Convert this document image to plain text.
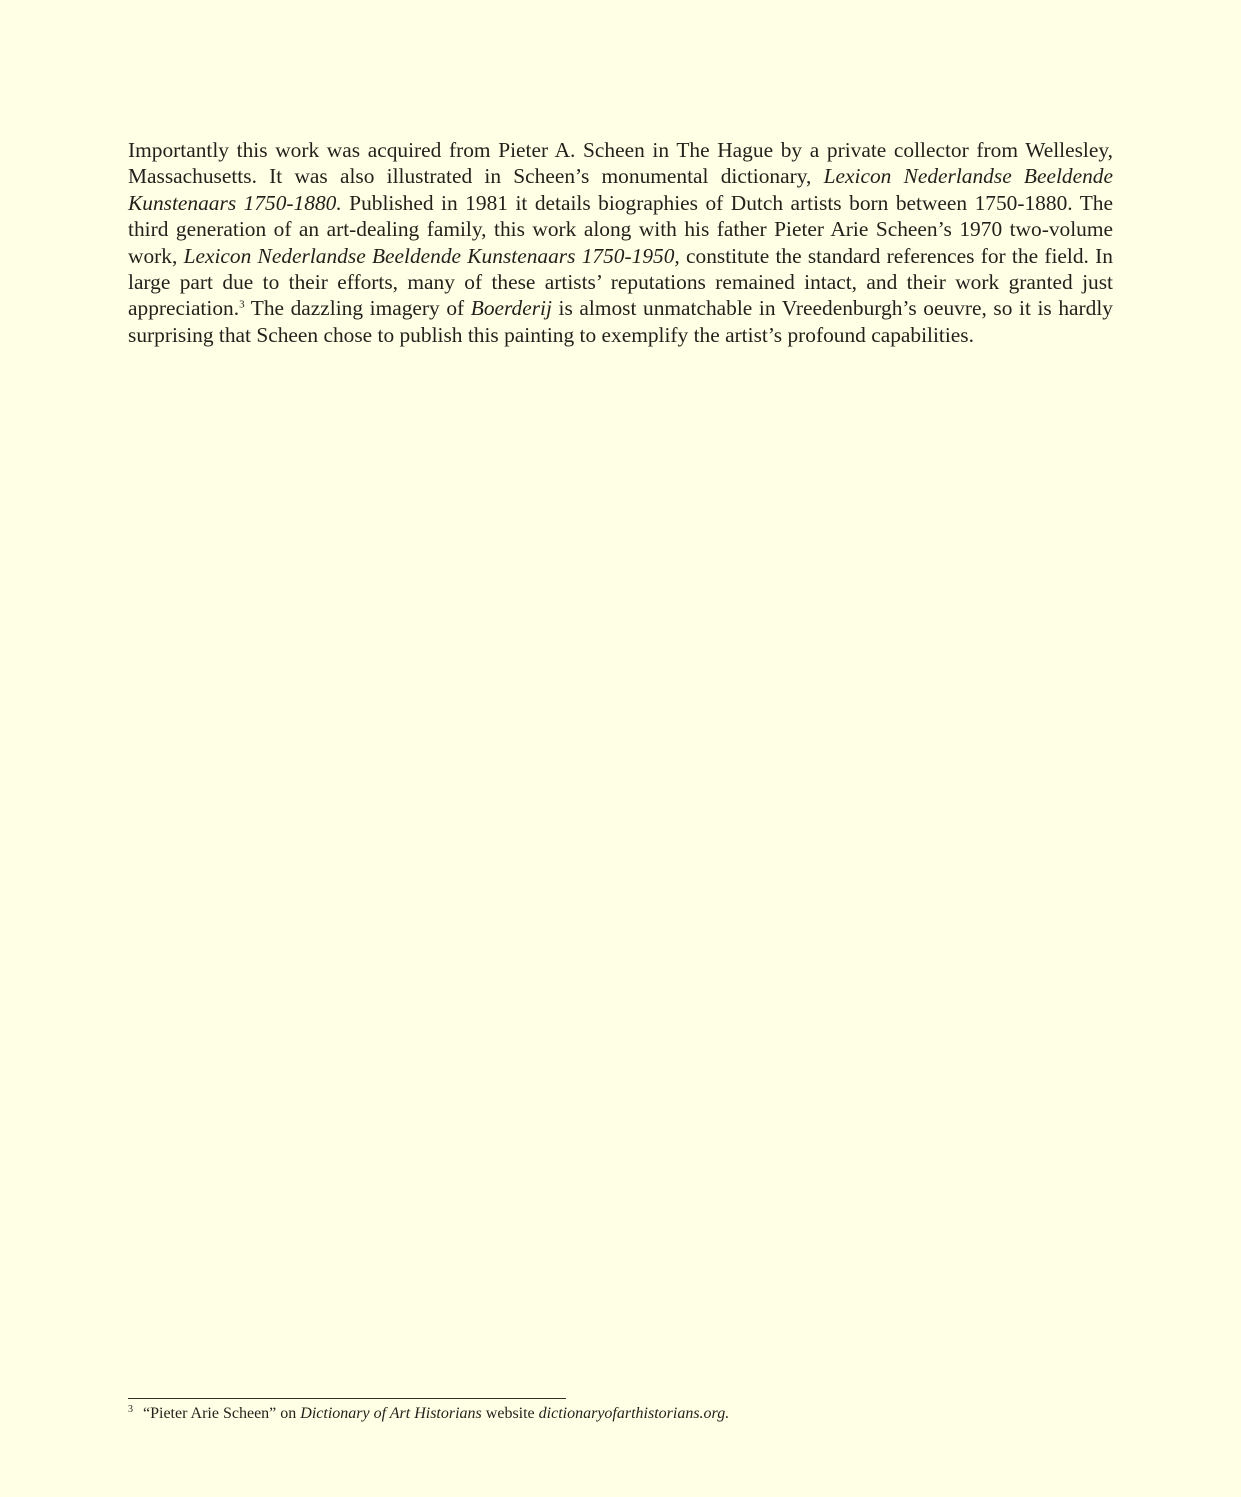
Importantly this work was acquired from Pieter A. Scheen in The Hague by a private collector from Wellesley, Massachusetts. It was also illustrated in Scheen’s monumental dictionary, Lexicon Nederlandse Beeldende Kunstenaars 1750-1880. Published in 1981 it details biographies of Dutch artists born between 1750-1880. The third generation of an art-dealing family, this work along with his father Pieter Arie Scheen’s 1970 two-volume work, Lexicon Nederlandse Beeldende Kunstenaars 1750-1950, constitute the standard references for the field. In large part due to their efforts, many of these artists’ reputations remained intact, and their work granted just appreciation.$^3$ The dazzling imagery of Boerderij is almost unmatchable in Vreedenburgh’s oeuvre, so it is hardly surprising that Scheen chose to publish this painting to exemplify the artist’s profound capabilities.

$^3$ “Pieter Arie Scheen” on Dictionary of Art Historians website dictionaryofarthistorians.org.
